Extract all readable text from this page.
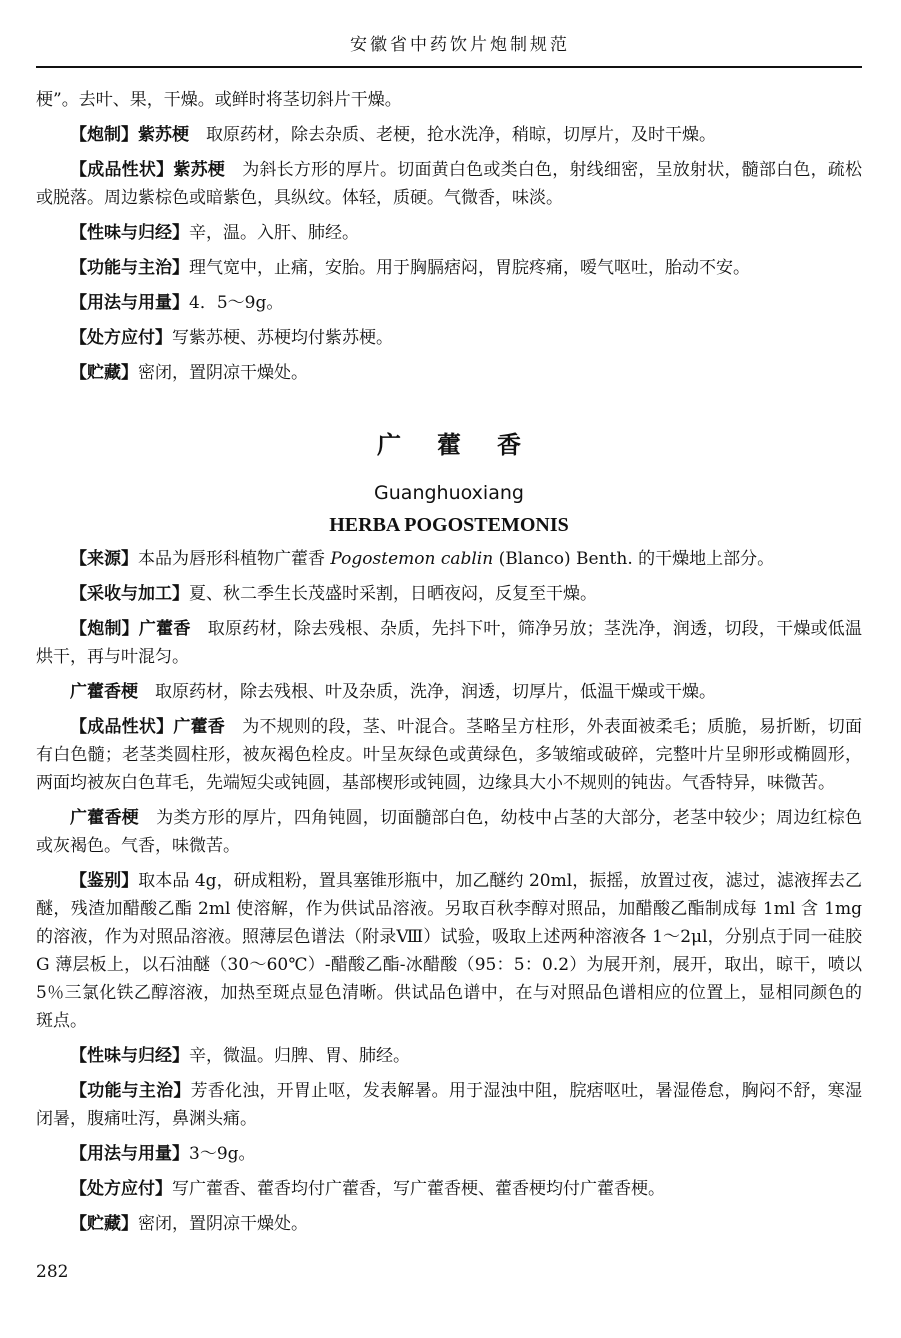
安徽省中药饮片炮制规范

梗”。去叶、果，干燥。或鲜时将茎切斜片干燥。

【炮制】紫苏梗　取原药材，除去杂质、老梗，抢水洗净，稍晾，切厚片，及时干燥。

【成品性状】紫苏梗　为斜长方形的厚片。切面黄白色或类白色，射线细密，呈放射状，髓部白色，疏松或脱落。周边紫棕色或暗紫色，具纵纹。体轻，质硬。气微香，味淡。

【性味与归经】辛，温。入肝、肺经。

【功能与主治】理气宽中，止痛，安胎。用于胸膈痞闷，胃脘疼痛，嗳气呕吐，胎动不安。

【用法与用量】4．5～9g。

【处方应付】写紫苏梗、苏梗均付紫苏梗。

【贮藏】密闭，置阴凉干燥处。

广藿香
Guanghuoxiang
HERBA POGOSTEMONIS

【来源】本品为唇形科植物广藿香 Pogostemon cablin (Blanco) Benth. 的干燥地上部分。

【采收与加工】夏、秋二季生长茂盛时采割，日晒夜闷，反复至干燥。

【炮制】广藿香　取原药材，除去残根、杂质，先抖下叶，筛净另放；茎洗净，润透，切段，干燥或低温烘干，再与叶混匀。

广藿香梗　取原药材，除去残根、叶及杂质，洗净，润透，切厚片，低温干燥或干燥。

【成品性状】广藿香　为不规则的段，茎、叶混合。茎略呈方柱形，外表面被柔毛；质脆，易折断，切面有白色髓；老茎类圆柱形，被灰褐色栓皮。叶呈灰绿色或黄绿色，多皱缩或破碎，完整叶片呈卵形或椭圆形，两面均被灰白色茸毛，先端短尖或钝圆，基部楔形或钝圆，边缘具大小不规则的钝齿。气香特异，味微苦。

广藿香梗　为类方形的厚片，四角钝圆，切面髓部白色，幼枝中占茎的大部分，老茎中较少；周边红棕色或灰褐色。气香，味微苦。

【鉴别】取本品 4g，研成粗粉，置具塞锥形瓶中，加乙醚约 20ml，振摇，放置过夜，滤过，滤液挥去乙醚，残渣加醋酸乙酯 2ml 使溶解，作为供试品溶液。另取百秋李醇对照品，加醋酸乙酯制成每 1ml 含 1mg 的溶液，作为对照品溶液。照薄层色谱法（附录Ⅷ）试验，吸取上述两种溶液各 1～2μl，分别点于同一硅胶 G 薄层板上，以石油醚（30～60℃）-醋酸乙酯-冰醋酸（95：5：0.2）为展开剂，展开，取出，晾干，喷以 5％三氯化铁乙醇溶液，加热至斑点显色清晰。供试品色谱中，在与对照品色谱相应的位置上，显相同颜色的斑点。

【性味与归经】辛，微温。归脾、胃、肺经。

【功能与主治】芳香化浊，开胃止呕，发表解暑。用于湿浊中阻，脘痞呕吐，暑湿倦怠，胸闷不舒，寒湿闭暑，腹痛吐泻，鼻渊头痛。

【用法与用量】3～9g。

【处方应付】写广藿香、藿香均付广藿香，写广藿香梗、藿香梗均付广藿香梗。

【贮藏】密闭，置阴凉干燥处。

282
